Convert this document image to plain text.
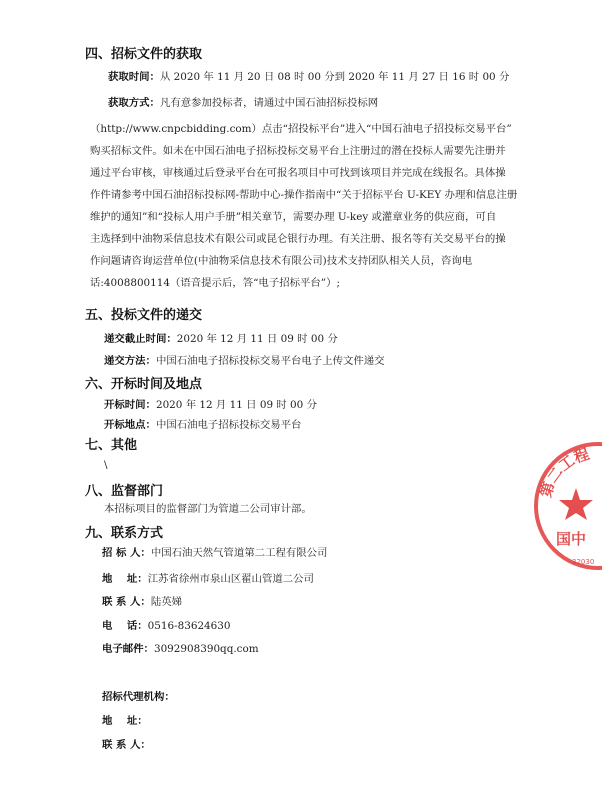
四、招标文件的获取
获取时间：从 2020 年 11 月 20 日 08 时 00 分到 2020 年 11 月 27 日 16 时 00 分
获取方式：凡有意参加投标者，请通过中国石油招标投标网
（http://www.cnpcbidding.com）点击“招投标平台”进入“中国石油电子招投标交易平台”
购买招标文件。如未在中国石油电子招标投标交易平台上注册过的潜在投标人需要先注册并
通过平台审核，审核通过后登录平台在可报名项目中可找到该项目并完成在线报名。具体操
作件请参考中国石油招标投标网-帮助中心-操作指南中“关于招标平台 U-KEY 办理和信息注册
维护的通知”和“投标人用户手册”相关章节，需要办理 U-key 或灌章业务的供应商，可自
主选择到中油物采信息技术有限公司或昆仑银行办理。有关注册、报名等有关交易平台的操
作问题请咨询运营单位(中油物采信息技术有限公司)技术支持团队相关人员，咨询电
话:4008800114（语音提示后，答“电子招标平台”）;
五、投标文件的递交
递交截止时间：2020 年 12 月 11 日 09 时 00 分
递交方法：中国石油电子招标投标交易平台电子上传文件递交
六、开标时间及地点
开标时间：2020 年 12 月 11 日 09 时 00 分
开标地点：中国石油电子招标投标交易平台
七、其他
\
八、监督部门
本招标项目的监督部门为管道二公司审计部。
九、联系方式
招 标 人：中国石油天然气管道第二工程有限公司
地    址：江苏省徐州市泉山区翟山管道二公司
联 系 人：陆英娣
电    话：0516-83624630
电子邮件：3092908390qq.com
招标代理机构：
地    址：
联 系 人：
第二工程
国中
32030
